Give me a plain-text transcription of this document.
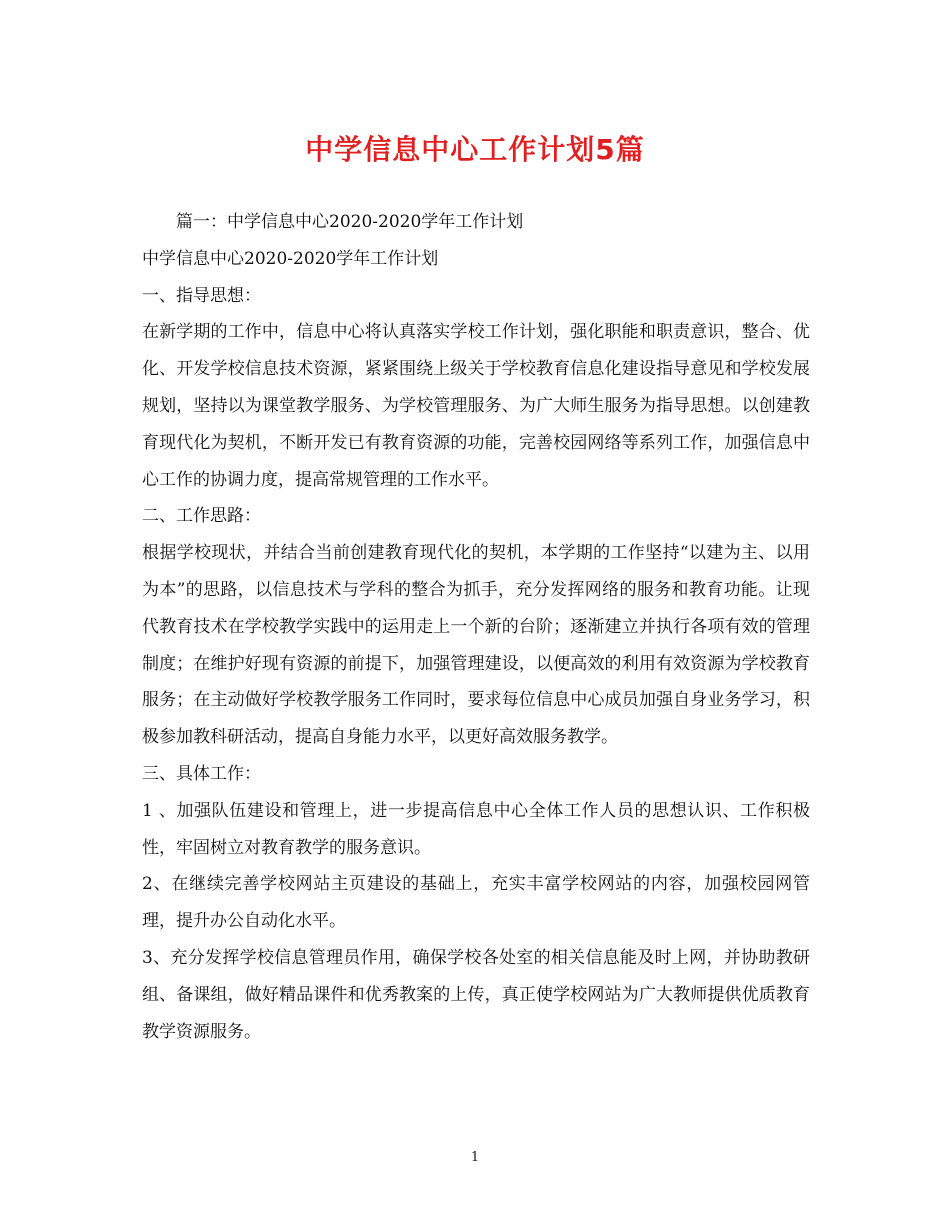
中学信息中心工作计划5篇

篇一：中学信息中心2020-2020学年工作计划

中学信息中心2020-2020学年工作计划

一、指导思想：

在新学期的工作中，信息中心将认真落实学校工作计划，强化职能和职责意识，整合、优化、开发学校信息技术资源，紧紧围绕上级关于学校教育信息化建设指导意见和学校发展规划，坚持以为课堂教学服务、为学校管理服务、为广大师生服务为指导思想。以创建教育现代化为契机，不断开发已有教育资源的功能，完善校园网络等系列工作，加强信息中心工作的协调力度，提高常规管理的工作水平。

二、工作思路：

根据学校现状，并结合当前创建教育现代化的契机，本学期的工作坚持“以建为主、以用为本”的思路，以信息技术与学科的整合为抓手，充分发挥网络的服务和教育功能。让现代教育技术在学校教学实践中的运用走上一个新的台阶；逐渐建立并执行各项有效的管理制度；在维护好现有资源的前提下，加强管理建设，以便高效的利用有效资源为学校教育服务；在主动做好学校教学服务工作同时，要求每位信息中心成员加强自身业务学习，积极参加教科研活动，提高自身能力水平，以更好高效服务教学。

三、具体工作：

1 、加强队伍建设和管理上，进一步提高信息中心全体工作人员的思想认识、工作积极性，牢固树立对教育教学的服务意识。

2、在继续完善学校网站主页建设的基础上，充实丰富学校网站的内容，加强校园网管理，提升办公自动化水平。

3、充分发挥学校信息管理员作用，确保学校各处室的相关信息能及时上网，并协助教研组、备课组，做好精品课件和优秀教案的上传，真正使学校网站为广大教师提供优质教育教学资源服务。

1
